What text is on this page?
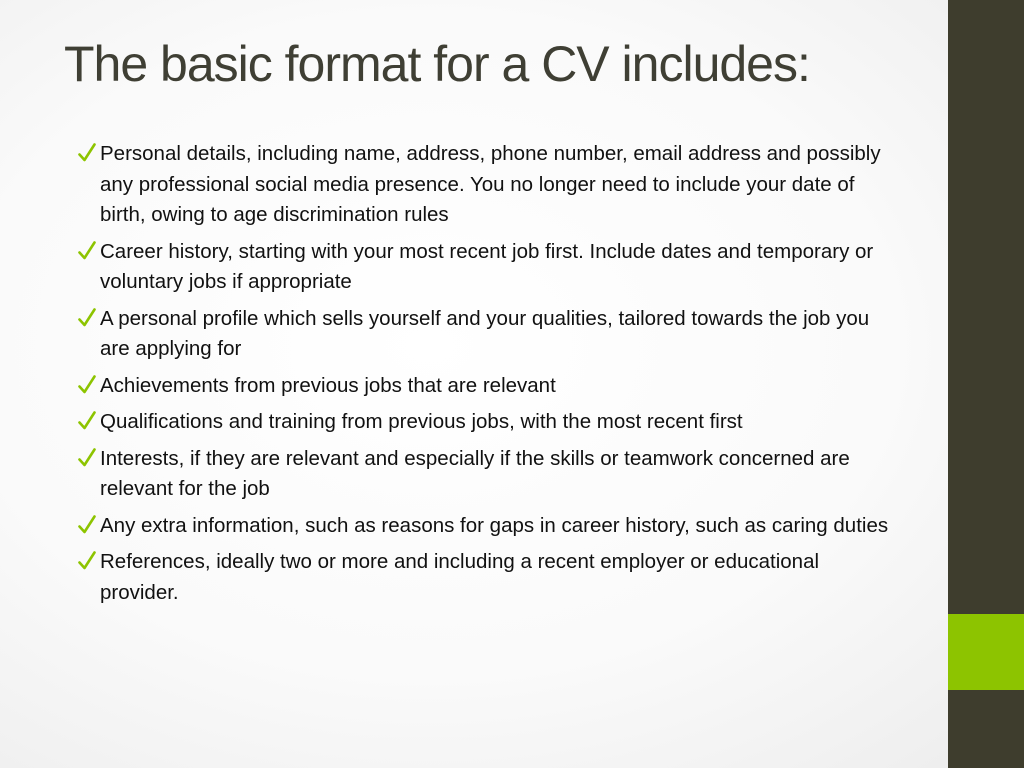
The basic format for a CV includes:
Personal details, including name, address, phone number, email address and possibly any professional social media presence. You no longer need to include your date of birth, owing to age discrimination rules
Career history, starting with your most recent job first. Include dates and temporary or voluntary jobs if appropriate
A personal profile which sells yourself and your qualities, tailored towards the job you are applying for
Achievements from previous jobs that are relevant
Qualifications and training from previous jobs, with the most recent first
Interests, if they are relevant and especially if the skills or teamwork concerned are relevant for the job
Any extra information, such as reasons for gaps in career history, such as caring duties
References, ideally two or more and including a recent employer or educational provider.
